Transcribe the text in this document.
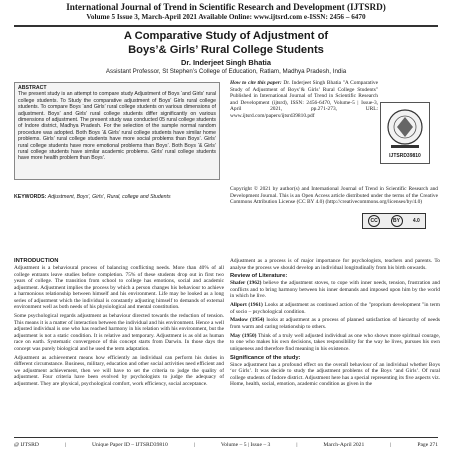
International Journal of Trend in Scientific Research and Development (IJTSRD)
Volume 5 Issue 3, March-April 2021 Available Online: www.ijtsrd.com e-ISSN: 2456 – 6470
A Comparative Study of Adjustment of
Boys’& Girls’ Rural College Students
Dr. Inderjeet Singh Bhatia
Assistant Professor, St Stephen’s College of Education, Ratlam, Madhya Pradesh, India
ABSTRACT
The present study is an attempt to compare study Adjustment of Boys ‘and Girls’ rural college students. To Study the comparative adjustment of Boys’ Girls rural college students. To compare Boys ‘and Girls’ rural college students on various dimensions of adjustment. Boys’ and Girls’ rural college students differ significantly on various dimensions of adjustment. The present study was conducted 05 rural college students of Indore district, Madhya Pradesh. For the selection of the sample normal random procedure was adopted. Both Boys ‘& Girls’ rural college students have similar home problems. Girls’ rural college students have more social problems than Boys’. Girls’ rural college students have more emotional problems than Boys’. Both Boys ‘& Girls’ rural college students have similar academic problems. Girls’ rural college students have more health problem than Boys’.
KEYWORDS: Adjustment, Boys’, Girls’, Rural, college and Students
How to cite this paper: Dr. Inderjeet Singh Bhatia "A Comparative Study of Adjustment of Boys’& Girls’ Rural College Students" Published in International Journal of Trend in Scientific Research and Development (ijtsrd), ISSN: 2456-6470, Volume-5 | Issue-3, April 2021, pp.271-273, URL: www.ijtsrd.com/papers/ijtsrd39810.pdf
IJTSRD39810
Copyright © 2021 by author(s) and International Journal of Trend in Scientific Research and Development Journal. This is an Open Access article distributed under the terms of the Creative Commons Attribution License (CC BY 4.0) (http://creativecommons.org/licenses/by/4.0)
CC	BY	4.0
INTRODUCTION

Adjustment is a behavioural process of balancing conflicting needs. More than 40% of all college entrants leave studies before completion. 75% of these students drop out in first two years of college. The transition from school to college has emotions, social and academic adjustment. Adjustment implies the process by which a person changes his behaviour to achieve a harmonious relationship between himself and his environment. Life may be looked as a long series of adjustment which the individual is constantly adjusting himself to demands of external environment well as both needs of his physiological and mental constitution.

Some psychological regards adjustment as behaviour directed towards the reduction of tension. This means it is a matter of interaction between the individual and his environment. Hence a well adjusted individual is one who has reached harmony in his relation with his environment, but the adjustment is not a static condition. It is relative and temporary. Adjustment is as old as human race on earth. Systematic convergence of this concept starts from Darwin. In those days the concept was purely biological and he used the term adaptation.

Adjustment as achievement means how efficiently an individual can perform his duties in different circumstance. Business, military, education and other social activities need efficient and we adjustment achievement, then we will have to set the criteria to judge the quality of adjustment. Four criteria have been evolved by psychologists to judge the adequacy of adjustment. They are physical, psychological comfort, work efficiency, social acceptance.

Adjustment as a process is of major importance for psychologists, teachers and parents. To analyse the process we should develop an individual longitudinally from his birth onwards.

Review of Literature:

Shafer (1962) believe the adjustment stoves, to cope with inner needs, tension, frustration and conflicts and to bring harmony between his inner demands and imposed upon him by the world in which he live.

Allport (1961) Looks at adjustment as continued action of the "proprium development "in term of socio – psychological condition.

Maslow (1954) looks at adjustment as a process of planned satisfaction of hierarchy of needs from warm and caring relationship to others.

May (1950) Think of a truly well adjusted individual as one who shows more spiritual courage, to one who makes his own decisions, takes responsibility for the way he lives, pursues his own uniqueness and therefore find meaning in his existence.

Significance of the study:

Since adjustment has a profound effect on the overall behaviour of an individual whether Boys ‘or Girls’. It was decide to study the adjustment problems of the Boys ‘and Girls’. Of rural college students of Indore district. Adjustment here has a special representing its five aspects viz. Home, health, social, emotion, academic condition as given in the

@ IJTSRD	|	Unique Paper ID – IJTSRD39810	|	Volume – 5 | Issue – 3	|	March-April 2021	|	Page 271
